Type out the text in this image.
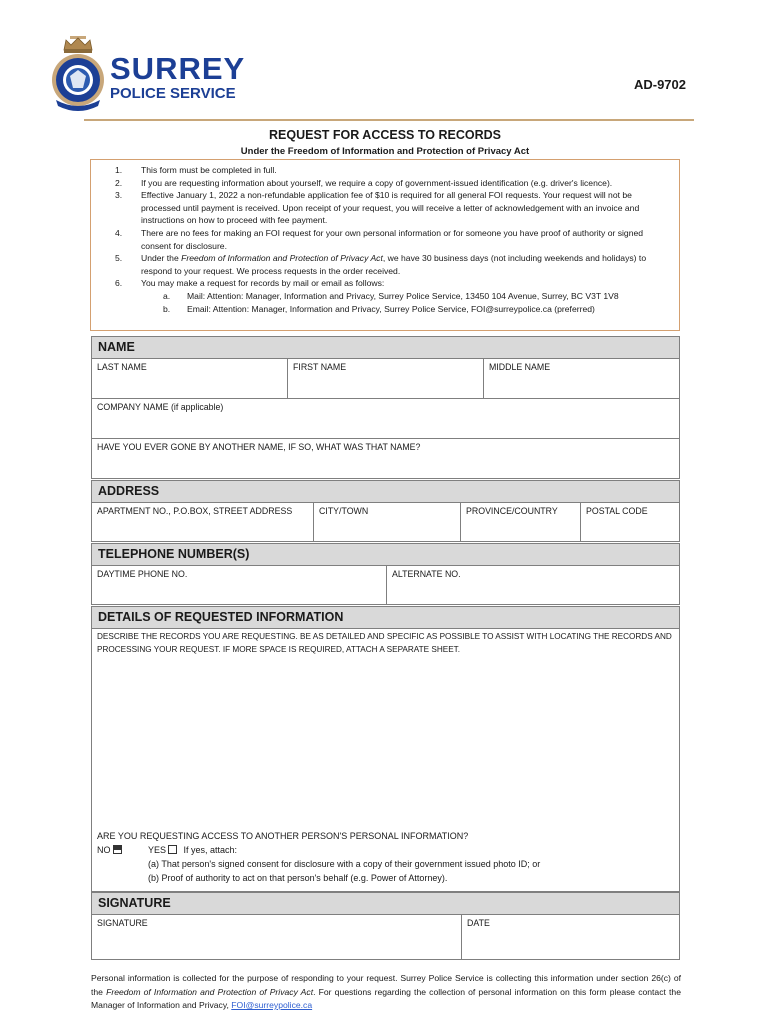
SURREY
POLICE SERVICE
AD-9702
REQUEST FOR ACCESS TO RECORDS
Under the Freedom of Information and Protection of Privacy Act
1. This form must be completed in full.
2. If you are requesting information about yourself, we require a copy of government-issued identification (e.g. driver's licence).
3. Effective January 1, 2022 a non-refundable application fee of $10 is required for all general FOI requests. Your request will not be processed until payment is received. Upon receipt of your request, you will receive a letter of acknowledgement with an invoice and instructions on how to proceed with fee payment.
4. There are no fees for making an FOI request for your own personal information or for someone you have proof of authority or signed consent for disclosure.
5. Under the Freedom of Information and Protection of Privacy Act, we have 30 business days (not including weekends and holidays) to respond to your request. We process requests in the order received.
6. You may make a request for records by mail or email as follows:
a.	Mail: Attention: Manager, Information and Privacy, Surrey Police Service, 13450 104 Avenue, Surrey, BC V3T 1V8
b.	Email: Attention: Manager, Information and Privacy, Surrey Police Service, FOI@surreypolice.ca (preferred)
NAME
LAST NAME	FIRST NAME	MIDDLE NAME
COMPANY NAME (if applicable)
HAVE YOU EVER GONE BY ANOTHER NAME, IF SO, WHAT WAS THAT NAME?
ADDRESS
APARTMENT NO., P.O.BOX, STREET ADDRESS	CITY/TOWN	PROVINCE/COUNTRY	POSTAL CODE
TELEPHONE NUMBER(S)
DAYTIME PHONE NO.	ALTERNATE NO.
DETAILS OF REQUESTED INFORMATION
DESCRIBE THE RECORDS YOU ARE REQUESTING. BE AS DETAILED AND SPECIFIC AS POSSIBLE TO ASSIST WITH LOCATING THE RECORDS AND PROCESSING YOUR REQUEST. IF MORE SPACE IS REQUIRED, ATTACH A SEPARATE SHEET.
ARE YOU REQUESTING ACCESS TO ANOTHER PERSON'S PERSONAL INFORMATION?
NO	YES If yes, attach:
(a) That person's signed consent for disclosure with a copy of their government issued photo ID; or
(b) Proof of authority to act on that person's behalf (e.g. Power of Attorney).
SIGNATURE
SIGNATURE	DATE
Personal information is collected for the purpose of responding to your request. Surrey Police Service is collecting this information under section 26(c) of the Freedom of Information and Protection of Privacy Act. For questions regarding the collection of personal information on this form please contact the Manager of Information and Privacy, FOI@surreypolice.ca
